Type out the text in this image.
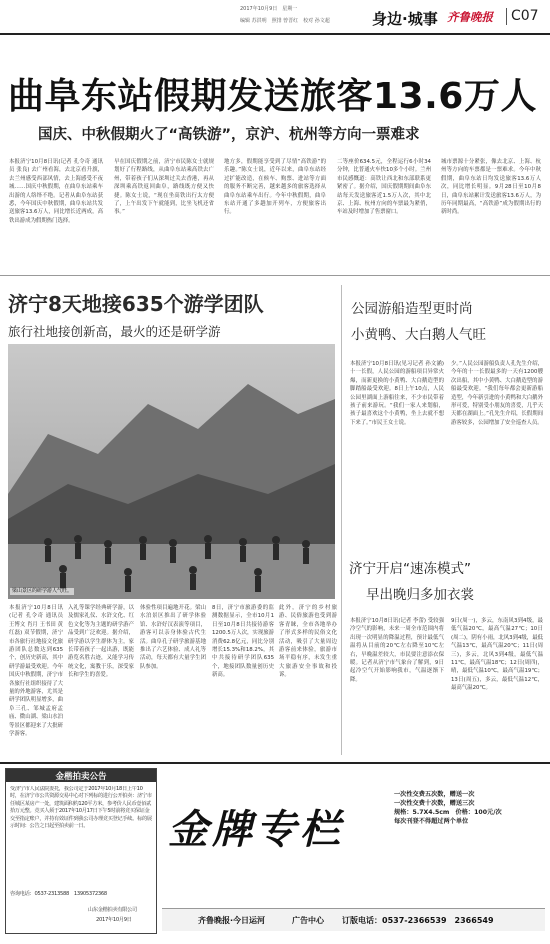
2017年10月9日　星期一
编辑 苏洪明　照排 曾晋红　校对 孙文超	身边·城事 齐鲁晚报 C07
曲阜东站假期发送旅客13.6万人
国庆、中秋假期火了“高铁游”，京沪、杭州等方向一票难求
本报济宁10月8日讯(记者 孔令奇 通讯员 张良) 去广州看海，去北京看升旗，去兰州感受西部风情，去上海感受不夜城……国庆中秋假期，在曲阜东站乘车出游的人络绎不绝。记者从曲阜东站获悉，今年国庆中秋假期，曲阜东站共发送旅客13.6万人，同比增长近两成，高铁出游成为假期热门选择。
早在国庆假期之前，济宁市民陈女士就规划好了行程路线，从曲阜东站乘高铁去广州，带着孩子们从深圳过关去香港，再从深圳乘高铁返回曲阜，路线既方便又快捷。陈女士说，“现在坐高铁出行太方便了，上午出发下午就能到，比坐飞机还省事。”
地方多，假期能享受到了尽情“高铁游”的乐趣。”陈女士说，近年以来，曲阜东站经过扩能改造，在候车、购票、进站等方面的服务不断完善，越来越多的旅客选择从曲阜东站乘车出行。今年中秋假期，曲阜东站开通了多趟加开列车，方便旅客出行。
二等座价634.5元，全程运行6小时34分钟，比普通火车快10多个小时。兰州市民感慨道：高铁让西北和东部联系更紧密了。据介绍，国庆假期期间曲阜东站每天发送旅客近1.5万人次，其中北京、上海、杭州方向的车票最为紧俏，车站及时增加了售票窗口。
城市票源十分紧张，像去北京、上海、杭州等方向的车票都是一票难求。今年中秋假期，曲阜东站日均发送旅客13.6万人次，同比增长明显。9月28日至10月8日，曲阜东站累计发送旅客13.6万人，为历年同期最高，“高铁游”成为假期出行的新时尚。
济宁8天地接635个游学团队
旅行社地接创新高，最火的还是研学游
梁山景区的研学游人气旺。
本报济宁10月8日讯(记者 孔令奇 通讯员 王博文 肖月 王书田 黄红磊) 双节假期，济宁市各旅行社地接文化旅游团队总数达到635个，创历史新高，其中研学游最受欢迎。今年国庆中秋假期，济宁市各旅行社组织接待了大量的外地游客，尤其是研学团队明显增多，曲阜三孔、邹城孟府孟庙、微山湖、梁山水泊等景区都迎来了大批研学游客。
入礼等课学经典研学游，以及儒家礼仪、水浒文化、红色文化等为主题的研学游产品受到广泛欢迎。据介绍，研学游以学生群体为主，家长带着孩子一起出游，既能游览名胜古迹，又能学习传统文化，寓教于乐，深受家长和学生的喜爱。
体验性项目遍地开花。梁山水泊景区推出了研学体验馆、水浒好汉表演等项目，游客可以亲身体验古代生活。曲阜孔子研学旅游基地推出了六艺体验、成人礼等活动，每天都有大量学生团队参加。
8日，济宁市旅游委的监测数据显示，全市10月1日至10月8日共接待游客1200.5万人次，实现旅游消费62.8亿元，同比分别增长15.3%和18.2%，其中共接待研学团队635个，地接团队数量创历史新高。
此外，济宁的乡村旅游、民俗旅游也受到游客青睐，全市各地举办了形式多样的民俗文化活动，吸引了大量周边游客前来体验，旅游市场平稳有序，未发生重大旅游安全事故和投诉。
公园游船造型更时尚
小黄鸭、大白鹅人气旺
本报济宁10月8日讯(见习记者 孙文涵) 十一长假，人民公园的游船项目异常火爆，而新更换的小黄鸭、大白鹅造型的脚踏船最受欢迎。8日上午10点，人民公园里湖面上游船往来，不少市民带着孩子前来游玩。“我们一家人来划船，孩子最喜欢这个小黄鸭，坐上去就不想下来了。”市民王女士说。
少。”人民公园游船负责人孔先生介绍，今年的十一长假最多的一天有1200艘次出船，其中小黄鸭、大白鹅造型的游船最受欢迎。“我们每年都会更新游船造型，今年新引进的小黄鸭和大白鹅外形可爱，特别受小朋友的喜爱，几乎天天都在湖面上。”孔先生介绍，长假期间游客较多，公园增加了安全巡查人员。
济宁开启“速冻模式”
早出晚归多加衣裳
本报济宁10月8日讯(记者 李蕾) 受较强冷空气的影响，未来一周全市范围内将出现一次明显的降温过程，预计最低气温将从目前的20℃左右降至10℃左右，早晚温差较大，市民要注意添衣保暖。记者从济宁市气象台了解到，9日起冷空气开始影响我市，气温逐渐下降。
9日(周一)，多云，东南风3到4级，最低气温20℃，最高气温27℃；10日(周二)，阴有小雨，北风3到4级，最低气温13℃，最高气温20℃；11日(周三)，多云，北风3到4级，最低气温11℃，最高气温18℃；12日(周四)，晴，最低气温10℃，最高气温19℃；13日(周五)，多云，最低气温12℃，最高气温20℃。
金楷拍卖公告
受济宁市人民法院委托，我公司定于2017年10月18日上午10时，在济宁市公共资源交易中心对下列标的进行公开拍卖：济宁市任城区某房产一处，建筑面积约120平方米，参考价人民币壹佰贰拾万元整。竞买人须于2017年10月17日下午5时前将竞买保证金交至指定账户，并持有效证件到我公司办理竞买登记手续。标的展示时间：公告之日起至拍卖前一日。
咨询电话：0537-2313588　13905372368
山东金楷拍卖有限公司
2017年10月9日
金牌专栏
一次性交费五次数，赠送一次
一次性交费十次数，赠送三次
规格：5.7X4.5cm　价格：100元/次
每次刊登不得超过两个单位
齐鲁晚报·今日运河	广告中心 订版电话：0537-2366539　2366549
